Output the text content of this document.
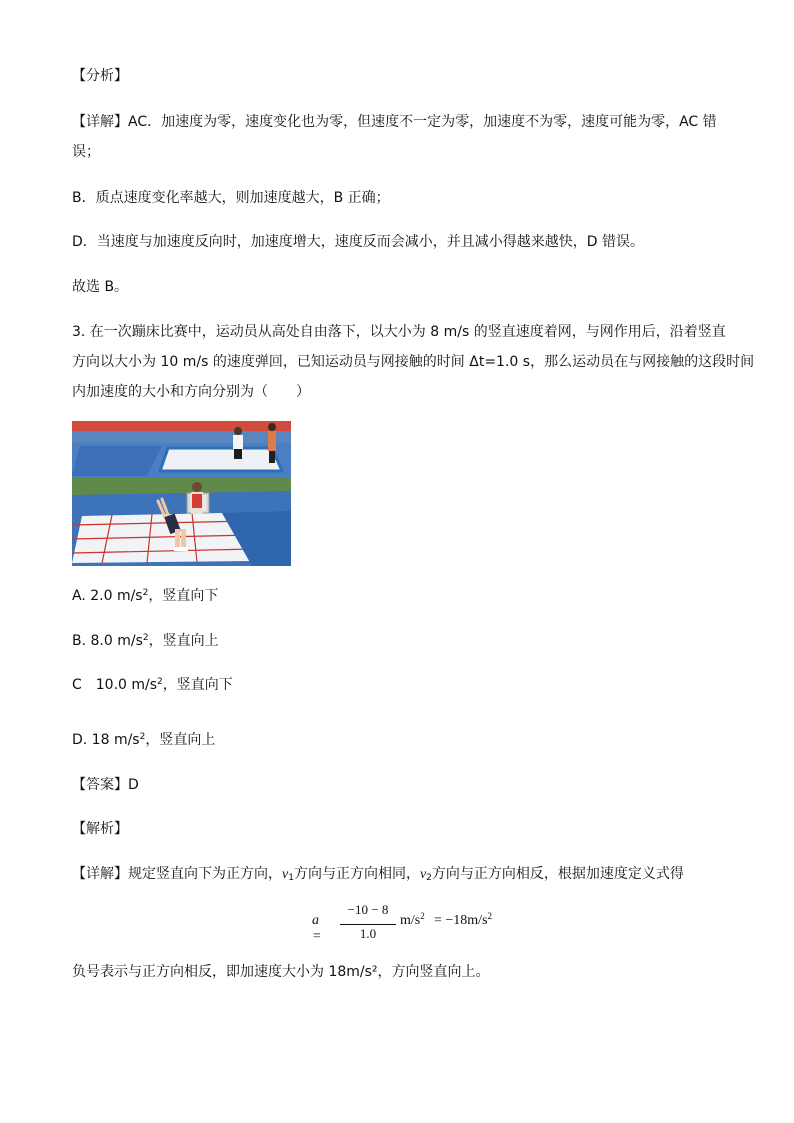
【分析】
【详解】AC．加速度为零，速度变化也为零，但速度不一定为零，加速度不为零，速度可能为零，AC 错
误；
B．质点速度变化率越大，则加速度越大，B 正确；
D．当速度与加速度反向时，加速度增大，速度反而会减小，并且减小得越来越快，D 错误。
故选 B。
3. 在一次蹦床比赛中，运动员从高处自由落下，以大小为 8 m/s 的竖直速度着网，与网作用后，沿着竖直
方向以大小为 10 m/s 的速度弹回，已知运动员与网接触的时间 Δt=1.0 s，那么运动员在与网接触的这段时间
内加速度的大小和方向分别为（　　）
A. 2.0 $m/s^2$，竖直向下
B. 8.0 $m/s^2$，竖直向上
C　10.0 $m/s^2$，竖直向下
D. 18 $m/s^2$，竖直向上
【答案】D
【解析】
【详解】规定竖直向下为正方向，$v_1$方向与正方向相同，$v_2$方向与正方向相反，根据加速度定义式得
a =
−10 − 8
1.0
$m/s^2 = -18m/s^2$
负号表示与正方向相反，即加速度大小为 18m/s²，方向竖直向上。
